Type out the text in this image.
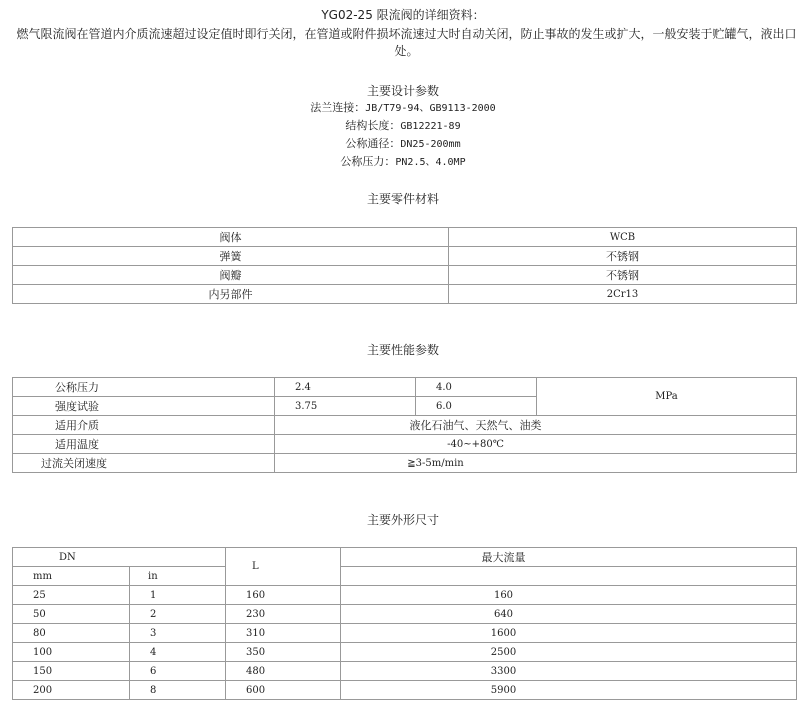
YG02-25 限流阀的详细资料：
燃气限流阀在管道内介质流速超过设定值时即行关闭，在管道或附件损坏流速过大时自动关闭，防止事故的发生或扩大，一般安装于贮罐气，液出口处。
主要设计参数
法兰连接：JB/T79-94、GB9113-2000
结构长度：GB12221-89
公称通径：DN25-200mm
公称压力：PN2.5、4.0MP
主要零件材料
阀体	WCB
弹簧	不锈钢
阀瓣	不锈钢
内另部件	2Cr13
主要性能参数
公称压力	2.4	4.0	MPa
强度试验	3.75	6.0	
适用介质	液化石油气、天然气、油类		
适用温度	-40~+80℃		
过流关闭速度	≧3-5m/min		
主要外形尺寸
DN		L	最大流量
mm	in		
25	1	160	160
50	2	230	640
80	3	310	1600
100	4	350	2500
150	6	480	3300
200	8	600	5900
